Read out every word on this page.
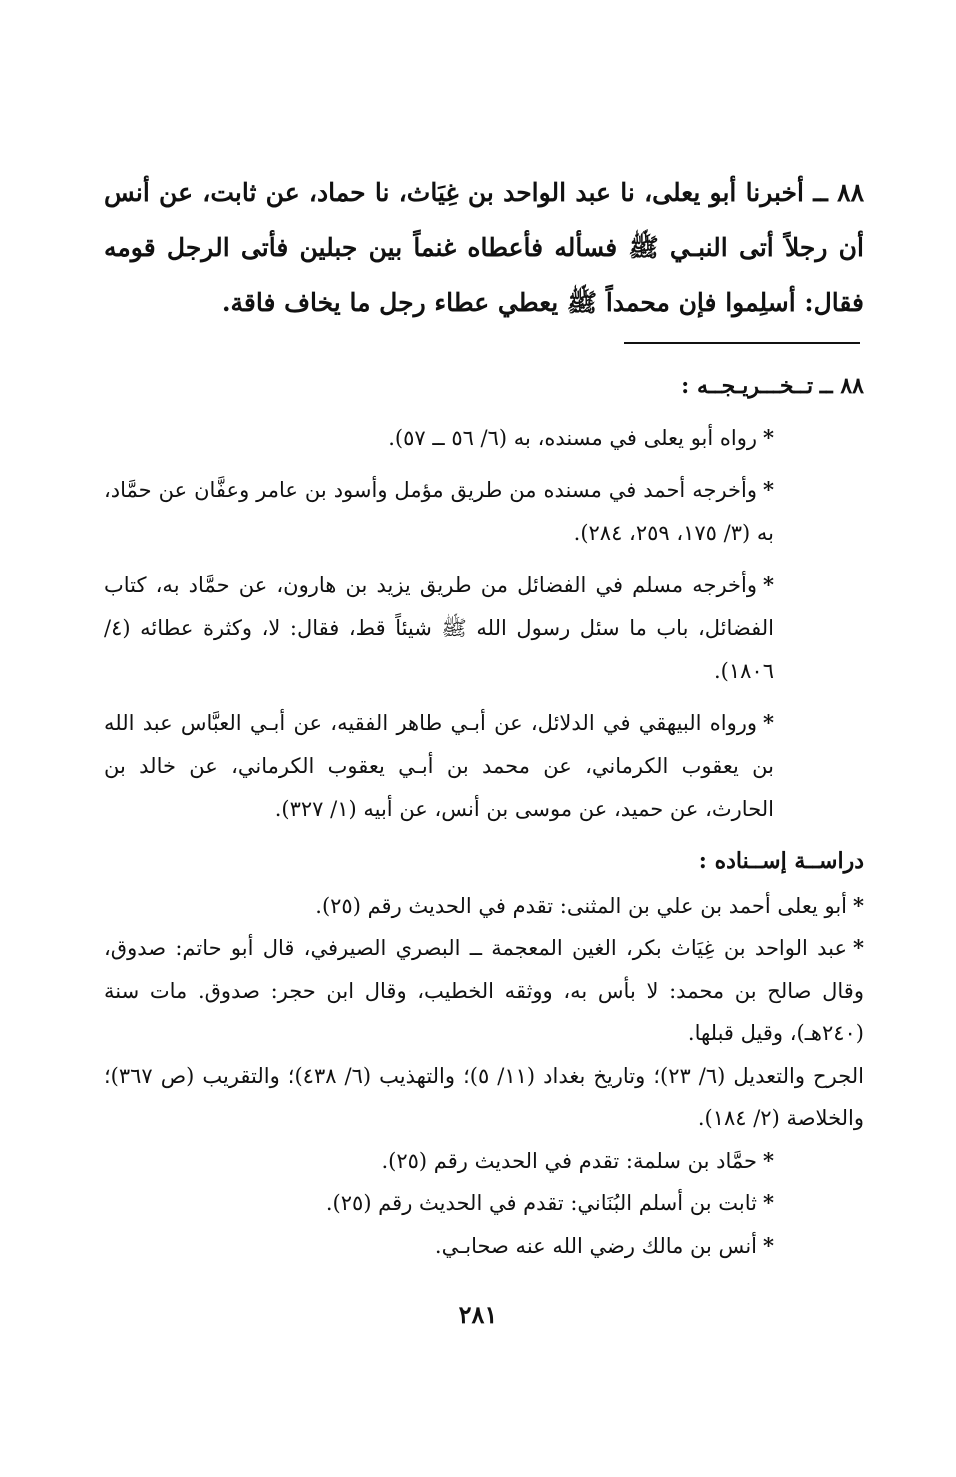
٨٨ ــ أخبرنا أبو يعلى، نا عبد الواحد بن غِيَاث، نا حماد، عن ثابت، عن أنس أن رجلاً أتى النبـي ﷺ فسأله فأعطاه غنماً بين جبلين فأتى الرجل قومه فقال: أسلِموا فإن محمداً ﷺ يعطي عطاء رجل ما يخاف فاقة.

٨٨ ــ تــخـــريـجــه :

*رواه أبو يعلى في مسنده، به (٦/ ٥٦ ــ ٥٧).

*وأخرجه أحمد في مسنده من طريق مؤمل وأسود بن عامر وعفَّان عن حمَّاد، به (٣/ ١٧٥، ٢٥٩، ٢٨٤).

*وأخرجه مسلم في الفضائل من طريق يزيد بن هارون، عن حمَّاد به، كتاب الفضائل، باب ما سئل رسول الله ﷺ شيئاً قط، فقال: لا، وكثرة عطائه (٤/ ١٨٠٦).

*ورواه البيهقي في الدلائل، عن أبـي طاهر الفقيه، عن أبـي العبَّاس عبد الله بن يعقوب الكرماني، عن محمد بن أبـي يعقوب الكرماني، عن خالد بن الحارث، عن حميد، عن موسى بن أنس، عن أبيه (١/ ٣٢٧).

دراســة إســناده :

*أبو يعلى أحمد بن علي بن المثنى: تقدم في الحديث رقم (٢٥).

*عبد الواحد بن غِيَاث بكر، الغين المعجمة ــ البصري الصيرفي، قال أبو حاتم: صدوق، وقال صالح بن محمد: لا بأس به، ووثقه الخطيب، وقال ابن حجر: صدوق. مات سنة (٢٤٠هـ)، وقيل قبلها.

الجرح والتعديل (٦/ ٢٣)؛ وتاريخ بغداد (١١/ ٥)؛ والتهذيب (٦/ ٤٣٨)؛ والتقريب (ص ٣٦٧)؛ والخلاصة (٢/ ١٨٤).

*حمَّاد بن سلمة: تقدم في الحديث رقم (٢٥).

*ثابت بن أسلم البُنَاني: تقدم في الحديث رقم (٢٥).

*أنس بن مالك رضي الله عنه صحابـي.

٢٨١
